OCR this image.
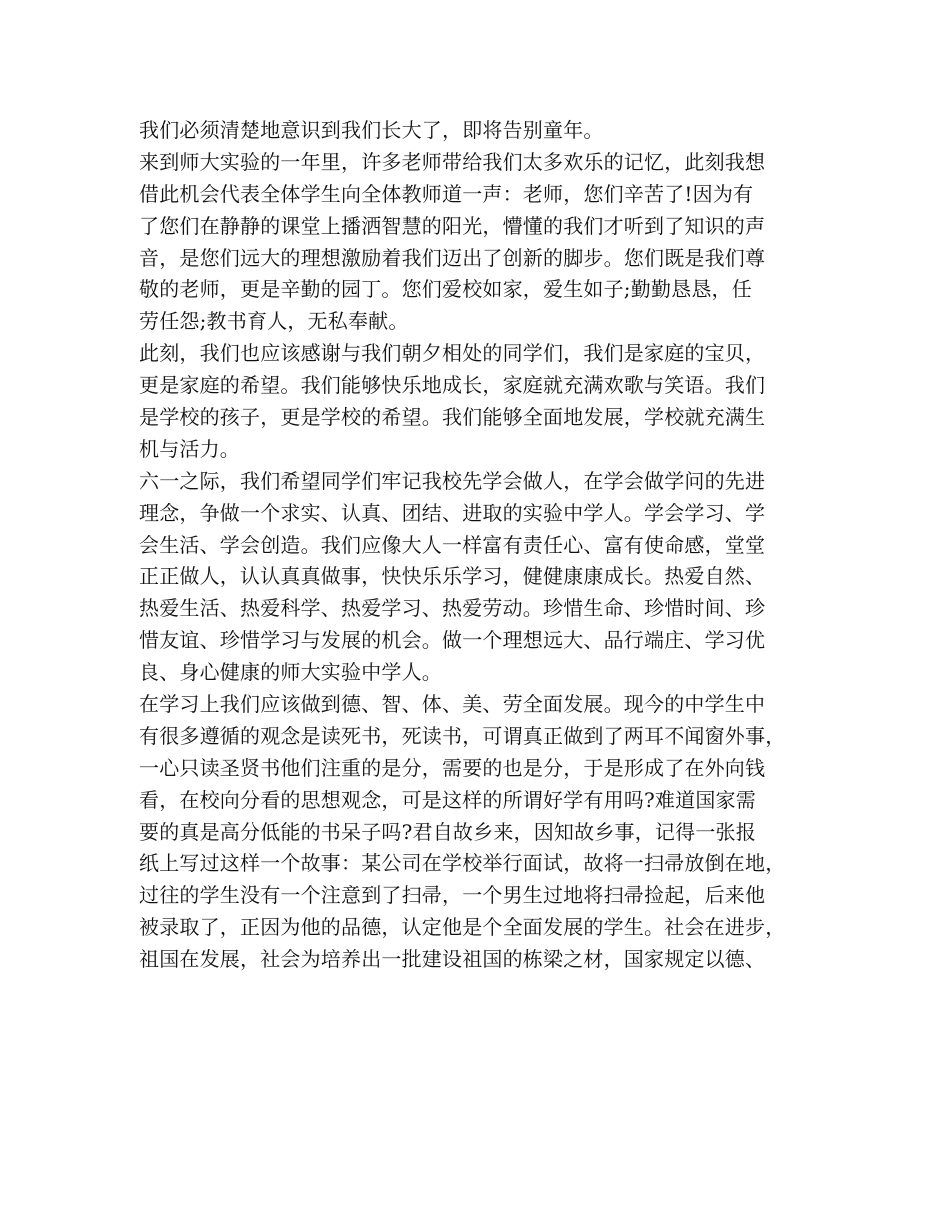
我们必须清楚地意识到我们长大了，即将告别童年。
来到师大实验的一年里，许多老师带给我们太多欢乐的记忆，此刻我想
借此机会代表全体学生向全体教师道一声：老师，您们辛苦了!因为有
了您们在静静的课堂上播洒智慧的阳光，懵懂的我们才听到了知识的声
音，是您们远大的理想激励着我们迈出了创新的脚步。您们既是我们尊
敬的老师，更是辛勤的园丁。您们爱校如家，爱生如子;勤勤恳恳，任
劳任怨;教书育人，无私奉献。
此刻，我们也应该感谢与我们朝夕相处的同学们，我们是家庭的宝贝，
更是家庭的希望。我们能够快乐地成长，家庭就充满欢歌与笑语。我们
是学校的孩子，更是学校的希望。我们能够全面地发展，学校就充满生
机与活力。
六一之际，我们希望同学们牢记我校先学会做人，在学会做学问的先进
理念，争做一个求实、认真、团结、进取的实验中学人。学会学习、学
会生活、学会创造。我们应像大人一样富有责任心、富有使命感，堂堂
正正做人，认认真真做事，快快乐乐学习，健健康康成长。热爱自然、
热爱生活、热爱科学、热爱学习、热爱劳动。珍惜生命、珍惜时间、珍
惜友谊、珍惜学习与发展的机会。做一个理想远大、品行端庄、学习优
良、身心健康的师大实验中学人。
在学习上我们应该做到德、智、体、美、劳全面发展。现今的中学生中
有很多遵循的观念是读死书，死读书，可谓真正做到了两耳不闻窗外事，
一心只读圣贤书他们注重的是分，需要的也是分，于是形成了在外向钱
看，在校向分看的思想观念，可是这样的所谓好学有用吗?难道国家需
要的真是高分低能的书呆子吗?君自故乡来，因知故乡事，记得一张报
纸上写过这样一个故事：某公司在学校举行面试，故将一扫帚放倒在地，
过往的学生没有一个注意到了扫帚，一个男生过地将扫帚捡起，后来他
被录取了，正因为他的品德，认定他是个全面发展的学生。社会在进步，
祖国在发展，社会为培养出一批建设祖国的栋梁之材，国家规定以德、
